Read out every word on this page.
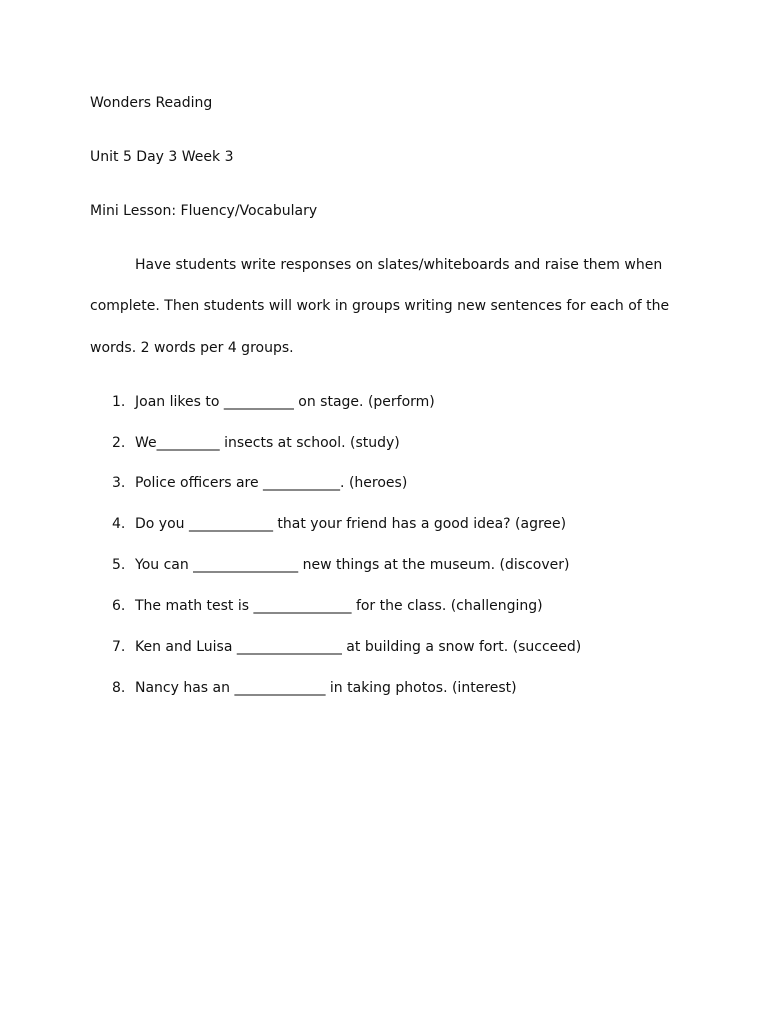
Wonders Reading
Unit 5 Day 3 Week 3
Mini Lesson: Fluency/Vocabulary
Have students write responses on slates/whiteboards and raise them when
complete. Then students will work in groups writing new sentences for each of the
words. 2 words per 4 groups.
1. Joan likes to __________ on stage. (perform)
2. We_________ insects at school. (study)
3. Police officers are ___________. (heroes)
4. Do you ____________ that your friend has a good idea? (agree)
5. You can _______________ new things at the museum. (discover)
6. The math test is ______________ for the class. (challenging)
7. Ken and Luisa _______________ at building a snow fort. (succeed)
8. Nancy has an _____________ in taking photos. (interest)
